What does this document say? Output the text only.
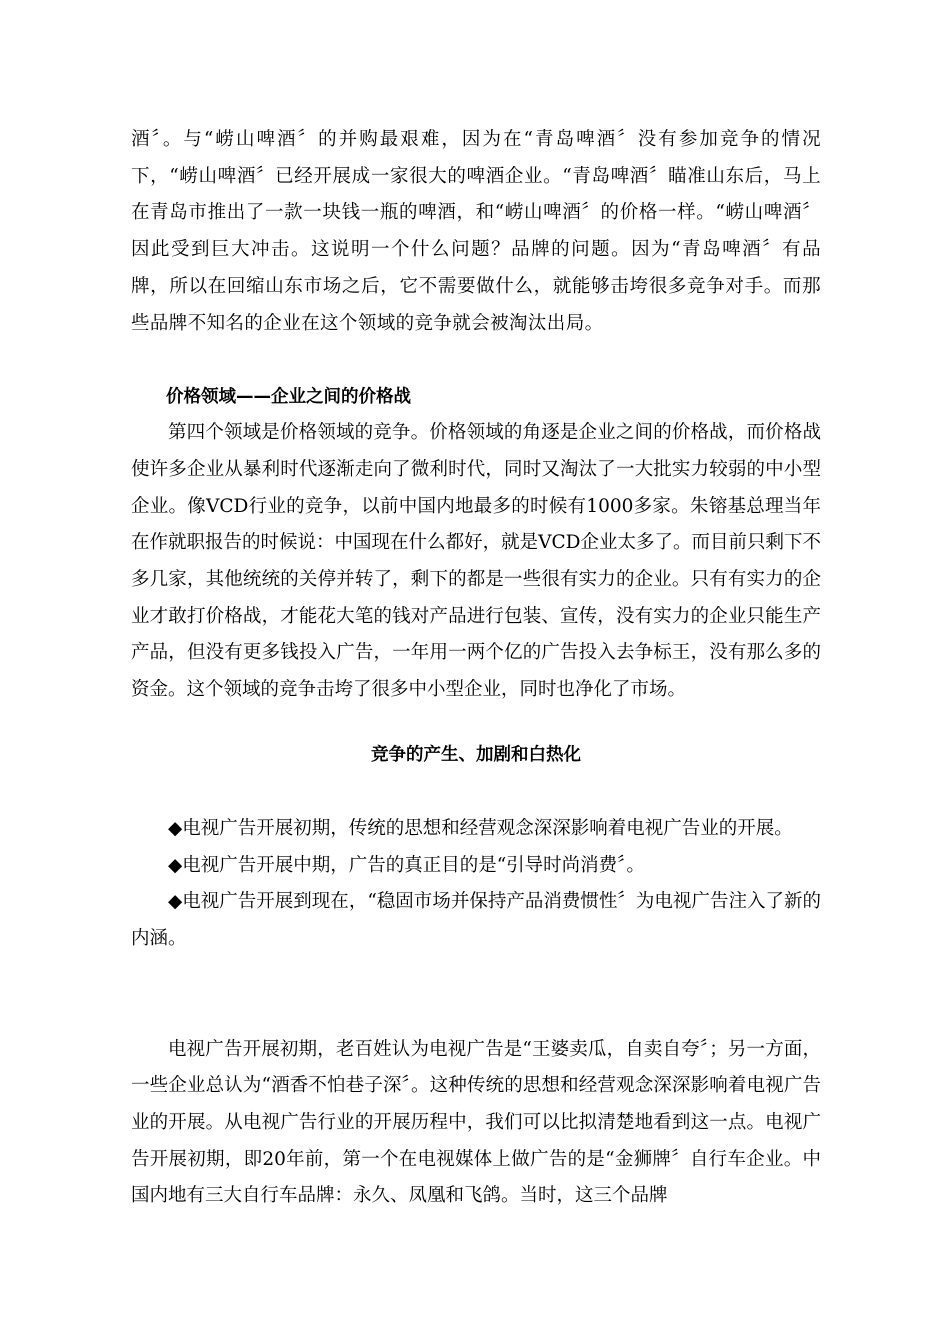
酒〞。与“崂山啤酒〞的并购最艰难，因为在“青岛啤酒〞没有参加竞争的情况下，“崂山啤酒〞已经开展成一家很大的啤酒企业。“青岛啤酒〞瞄准山东后，马上在青岛市推出了一款一块钱一瓶的啤酒，和“崂山啤酒〞的价格一样。“崂山啤酒〞因此受到巨大冲击。这说明一个什么问题？品牌的问题。因为“青岛啤酒〞有品牌，所以在回缩山东市场之后，它不需要做什么，就能够击垮很多竞争对手。而那些品牌不知名的企业在这个领域的竞争就会被淘汰出局。

价格领域——企业之间的价格战

第四个领域是价格领域的竞争。价格领域的角逐是企业之间的价格战，而价格战使许多企业从暴利时代逐渐走向了微利时代，同时又淘汰了一大批实力较弱的中小型企业。像VCD行业的竞争，以前中国内地最多的时候有1000多家。朱镕基总理当年在作就职报告的时候说：中国现在什么都好，就是VCD企业太多了。而目前只剩下不多几家，其他统统的关停并转了，剩下的都是一些很有实力的企业。只有有实力的企业才敢打价格战，才能花大笔的钱对产品进行包装、宣传，没有实力的企业只能生产产品，但没有更多钱投入广告，一年用一两个亿的广告投入去争标王，没有那么多的资金。这个领域的竞争击垮了很多中小型企业，同时也净化了市场。

竞争的产生、加剧和白热化

◆电视广告开展初期，传统的思想和经营观念深深影响着电视广告业的开展。

◆电视广告开展中期，广告的真正目的是“引导时尚消费〞。

◆电视广告开展到现在，“稳固市场并保持产品消费惯性〞为电视广告注入了新的内涵。

电视广告开展初期，老百姓认为电视广告是“王婆卖瓜，自卖自夸〞；另一方面，一些企业总认为“酒香不怕巷子深〞。这种传统的思想和经营观念深深影响着电视广告业的开展。从电视广告行业的开展历程中，我们可以比拟清楚地看到这一点。电视广告开展初期，即20年前，第一个在电视媒体上做广告的是“金狮牌〞自行车企业。中国内地有三大自行车品牌：永久、凤凰和飞鸽。当时，这三个品牌
